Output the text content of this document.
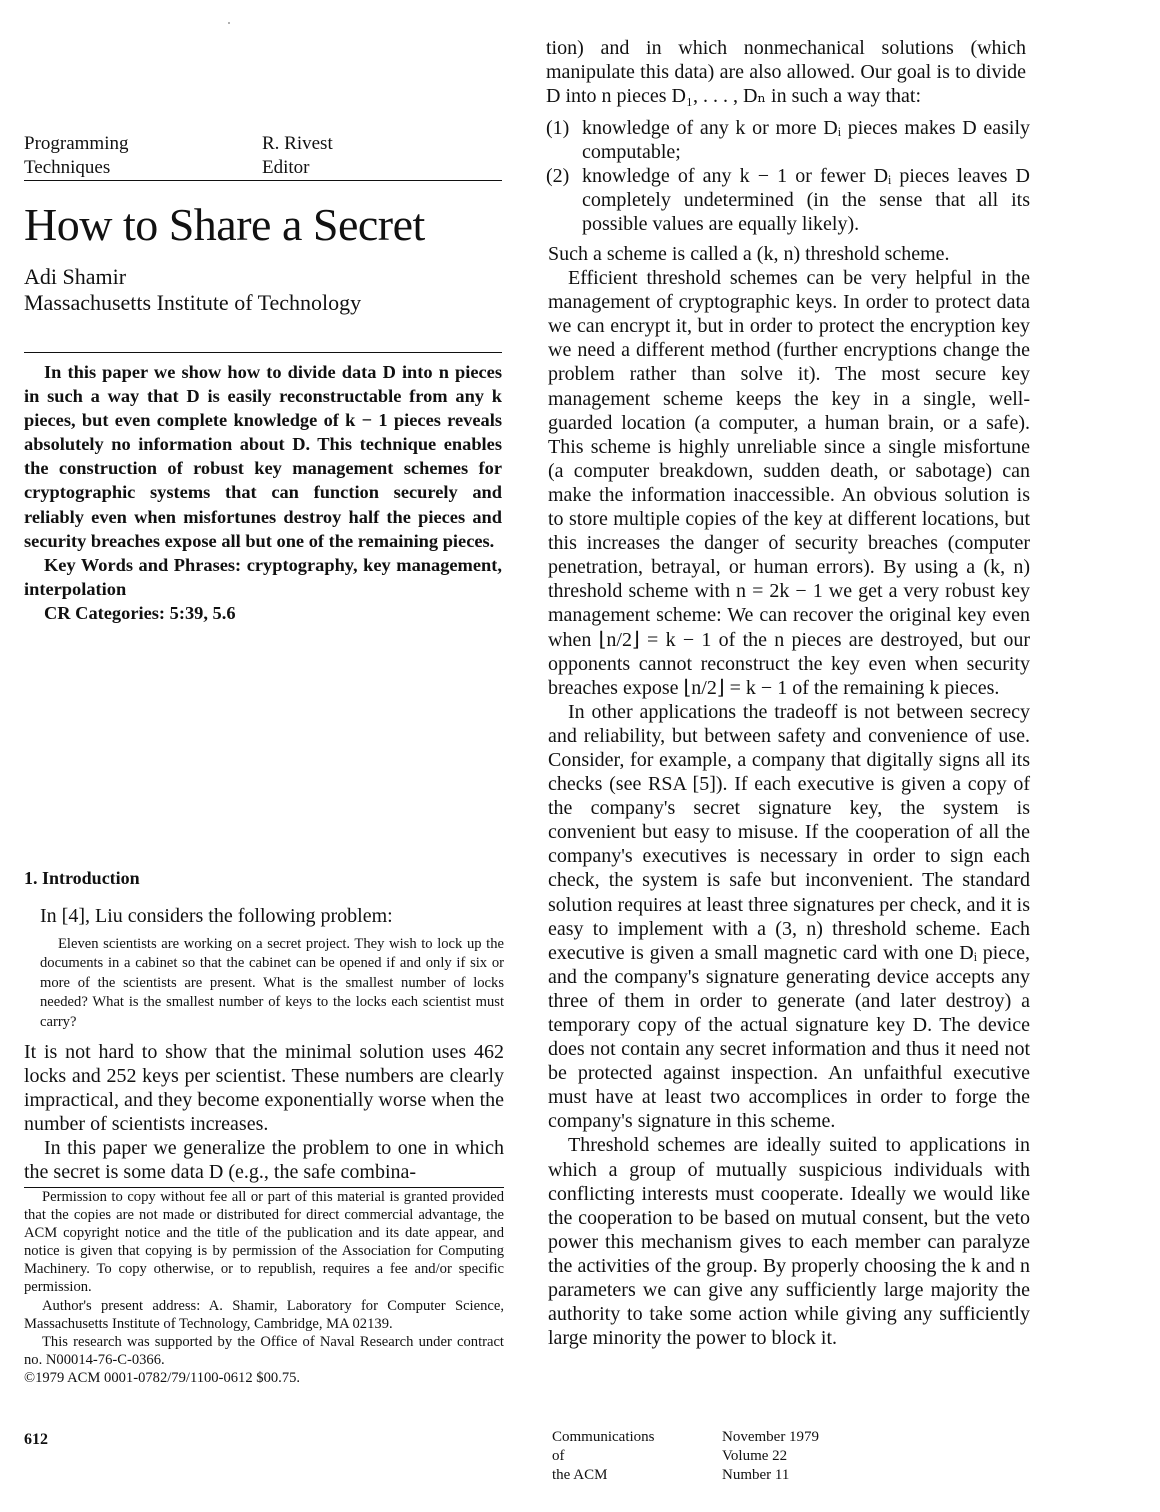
Programming
Techniques
R. Rivest
Editor
How to Share a Secret
Adi Shamir
Massachusetts Institute of Technology

In this paper we show how to divide data D into n pieces in such a way that D is easily reconstructable from any k pieces, but even complete knowledge of k − 1 pieces reveals absolutely no information about D. This technique enables the construction of robust key management schemes for cryptographic systems that can function securely and reliably even when misfortunes destroy half the pieces and security breaches expose all but one of the remaining pieces.

Key Words and Phrases: cryptography, key management, interpolation

CR Categories: 5:39, 5.6

1. Introduction
In [4], Liu considers the following problem:

Eleven scientists are working on a secret project. They wish to lock up the documents in a cabinet so that the cabinet can be opened if and only if six or more of the scientists are present. What is the smallest number of locks needed? What is the smallest number of keys to the locks each scientist must carry?

It is not hard to show that the minimal solution uses 462 locks and 252 keys per scientist. These numbers are clearly impractical, and they become exponentially worse when the number of scientists increases.

In this paper we generalize the problem to one in which the secret is some data D (e.g., the safe combina-

Permission to copy without fee all or part of this material is granted provided that the copies are not made or distributed for direct commercial advantage, the ACM copyright notice and the title of the publication and its date appear, and notice is given that copying is by permission of the Association for Computing Machinery. To copy otherwise, or to republish, requires a fee and/or specific permission.

Author's present address: A. Shamir, Laboratory for Computer Science, Massachusetts Institute of Technology, Cambridge, MA 02139.

This research was supported by the Office of Naval Research under contract no. N00014-76-C-0366.

©1979 ACM 0001-0782/79/1100-0612 $00.75.

612

tion) and in which nonmechanical solutions (which manipulate this data) are also allowed. Our goal is to divide D into n pieces D₁, . . . , Dₙ in such a way that:

(1) knowledge of any k or more Dᵢ pieces makes D easily computable;

(2) knowledge of any k − 1 or fewer Dᵢ pieces leaves D completely undetermined (in the sense that all its possible values are equally likely).

Such a scheme is called a (k, n) threshold scheme.

Efficient threshold schemes can be very helpful in the management of cryptographic keys. In order to protect data we can encrypt it, but in order to protect the encryption key we need a different method (further encryptions change the problem rather than solve it). The most secure key management scheme keeps the key in a single, well-guarded location (a computer, a human brain, or a safe). This scheme is highly unreliable since a single misfortune (a computer breakdown, sudden death, or sabotage) can make the information inaccessible. An obvious solution is to store multiple copies of the key at different locations, but this increases the danger of security breaches (computer penetration, betrayal, or human errors). By using a (k, n) threshold scheme with n = 2k − 1 we get a very robust key management scheme: We can recover the original key even when ⌊n/2⌋ = k − 1 of the n pieces are destroyed, but our opponents cannot reconstruct the key even when security breaches expose ⌊n/2⌋ = k − 1 of the remaining k pieces.

In other applications the tradeoff is not between secrecy and reliability, but between safety and convenience of use. Consider, for example, a company that digitally signs all its checks (see RSA [5]). If each executive is given a copy of the company's secret signature key, the system is convenient but easy to misuse. If the cooperation of all the company's executives is necessary in order to sign each check, the system is safe but inconvenient. The standard solution requires at least three signatures per check, and it is easy to implement with a (3, n) threshold scheme. Each executive is given a small magnetic card with one Dᵢ piece, and the company's signature generating device accepts any three of them in order to generate (and later destroy) a temporary copy of the actual signature key D. The device does not contain any secret information and thus it need not be protected against inspection. An unfaithful executive must have at least two accomplices in order to forge the company's signature in this scheme.

Threshold schemes are ideally suited to applications in which a group of mutually suspicious individuals with conflicting interests must cooperate. Ideally we would like the cooperation to be based on mutual consent, but the veto power this mechanism gives to each member can paralyze the activities of the group. By properly choosing the k and n parameters we can give any sufficiently large majority the authority to take some action while giving any sufficiently large minority the power to block it.

Communications
of
the ACM
November 1979
Volume 22
Number 11
